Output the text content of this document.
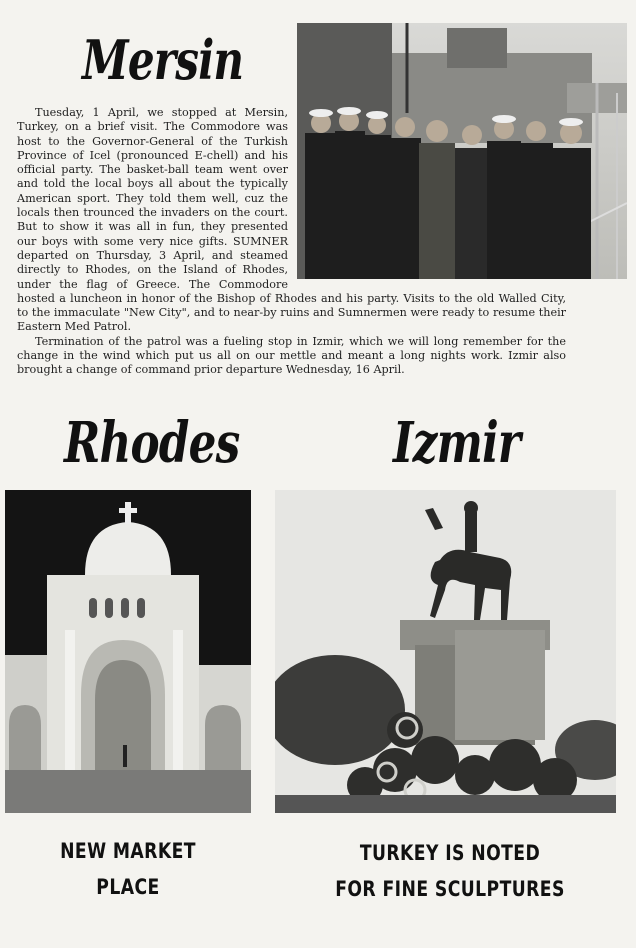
Mersin

Tuesday, 1 April, we stopped at Mersin, Turkey, on a brief visit. The Commodore was host to the Governor-General of the Turkish Province of Icel (pronounced E-chell) and his official party. The basket-ball team went over and told the local boys all about the typically American sport. They told them well, cuz the locals then trounced the invaders on the court. But to show it was all in fun, they presented our boys with some very nice gifts. SUMNER departed on Thursday, 3 April, and steamed directly to Rhodes, on the Island of Rhodes, under the flag of Greece. The Commodore hosted a luncheon in honor of the Bishop of Rhodes and his party. Visits to the old Walled City, to the immaculate "New City", and to near-by ruins and Sumnermen were ready to resume their Eastern Med Patrol.

Termination of the patrol was a fueling stop in Izmir, which we will long remember for the change in the wind which put us all on our mettle and meant a long nights work. Izmir also brought a change of command prior departure Wednesday, 16 April.

Rhodes	Izmir
NEW MARKET
PLACE
TURKEY IS NOTED
FOR FINE SCULPTURES
